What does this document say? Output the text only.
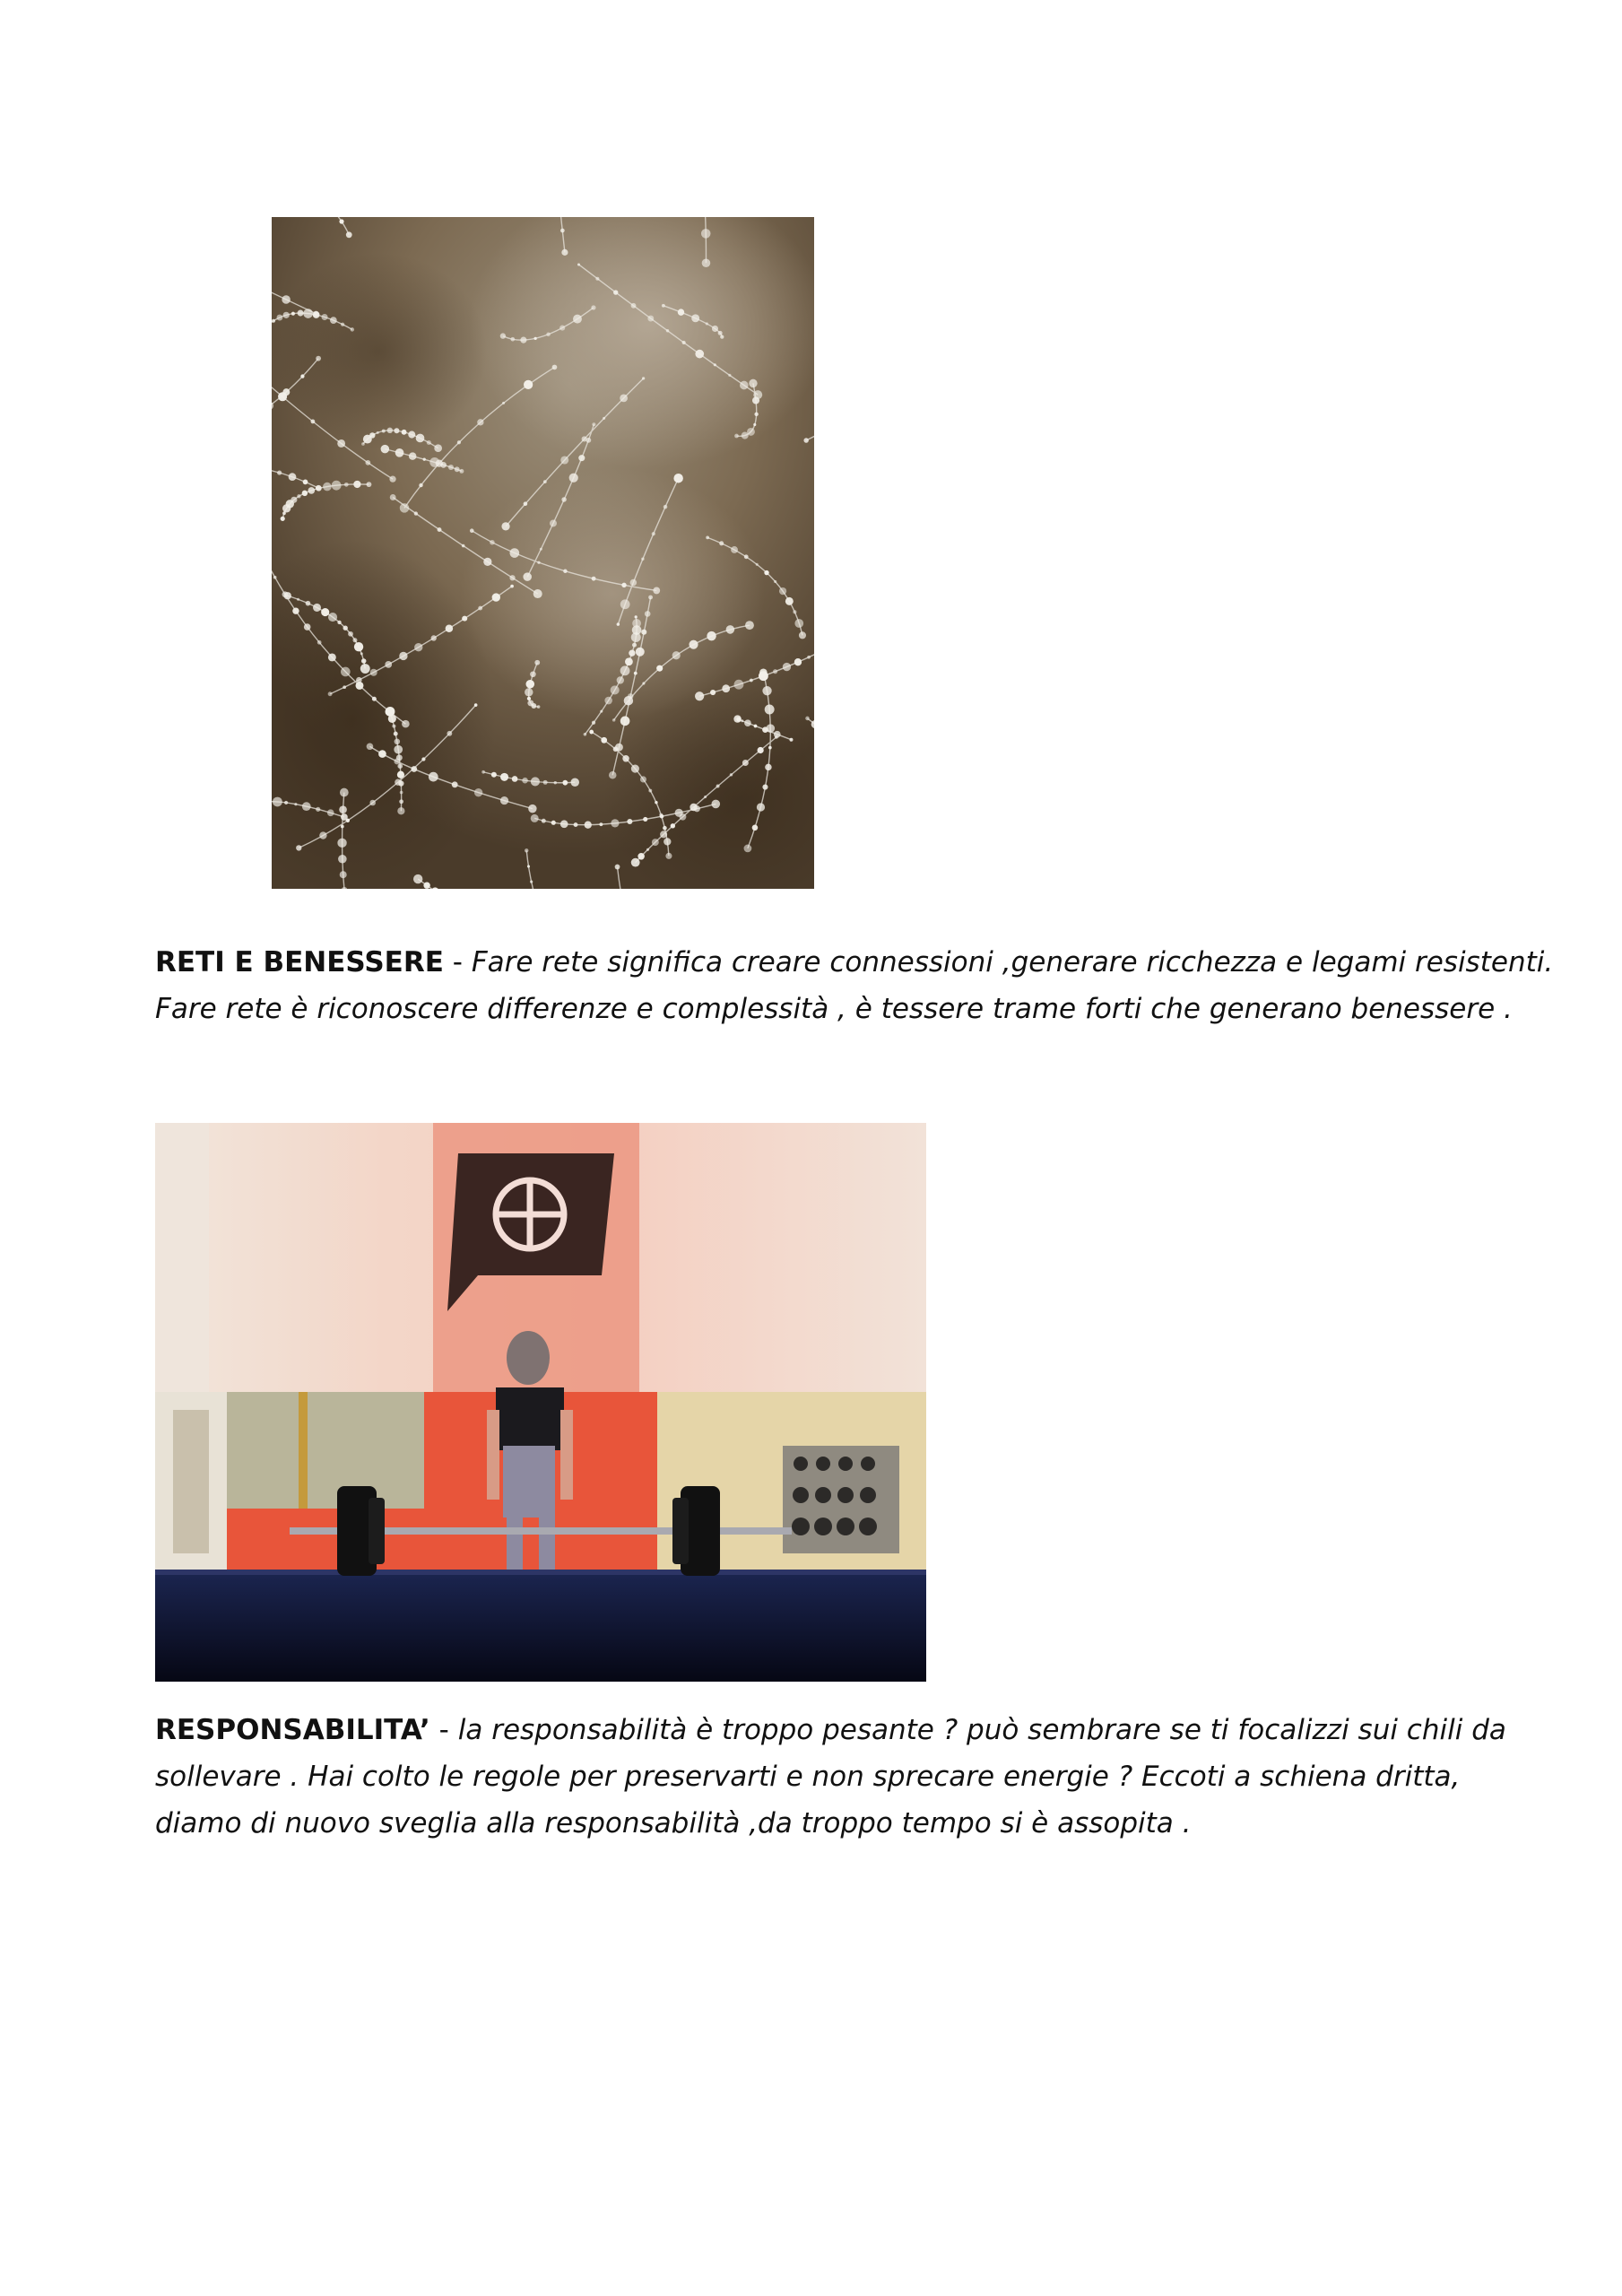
RETI E BENESSERE - Fare rete significa creare connessioni ,generare ricchezza e legami resistenti.
Fare rete è riconoscere differenze e complessità , è tessere trame forti che generano benessere .

RESPONSABILITA’ - la responsabilità è troppo pesante ? può sembrare se ti focalizzi sui chili da
sollevare . Hai colto le regole per preservarti e non sprecare energie ? Eccoti a schiena dritta,
diamo di nuovo sveglia alla responsabilità ,da troppo tempo si è assopita .
